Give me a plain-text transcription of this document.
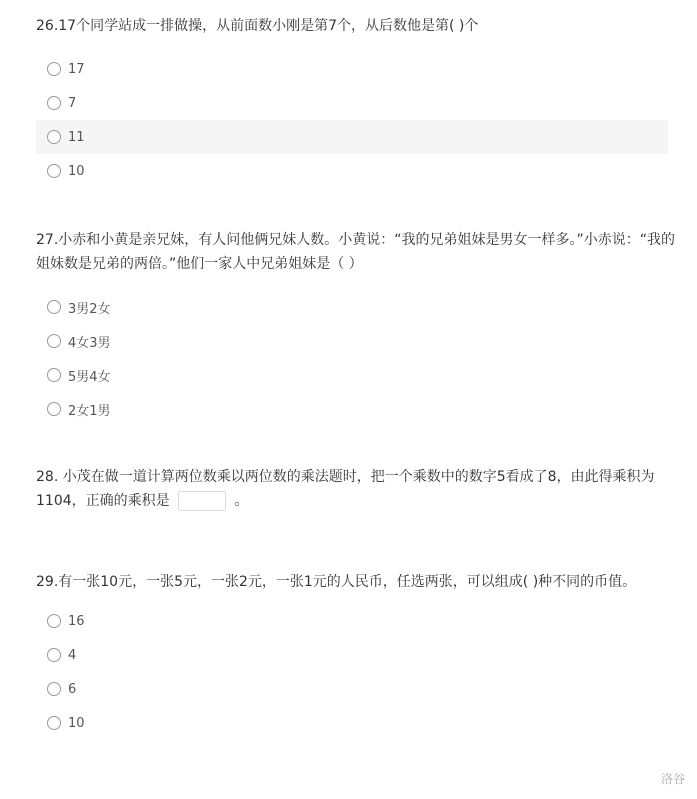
26.17个同学站成一排做操，从前面数小刚是第7个，从后数他是第( )个

17
7
11
10

27.小赤和小黄是亲兄妹，有人问他俩兄妹人数。小黄说：“我的兄弟姐妹是男女一样多。”小赤说：“我的姐妹数是兄弟的两倍。”他们一家人中兄弟姐妹是（ ）

3男2女
4女3男
5男4女
2女1男

28. 小茂在做一道计算两位数乘以两位数的乘法题时，把一个乘数中的数字5看成了8，由此得乘积为1104，正确的乘积是	。

29.有一张10元，一张5元，一张2元，一张1元的人民币，任选两张，可以组成( )种不同的币值。

16
4
6
10
洛谷
